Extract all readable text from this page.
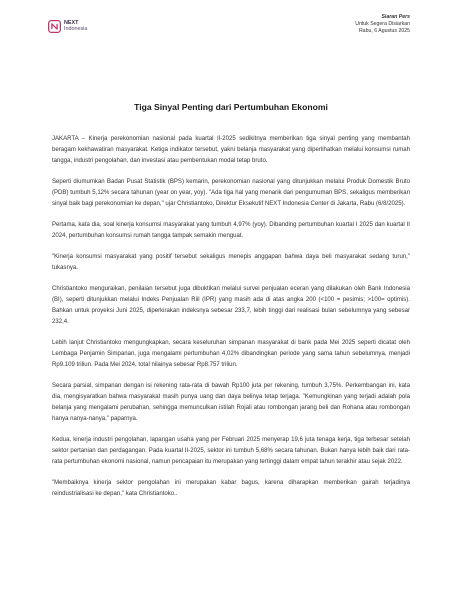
NEXT
Indonesia
Siaran Pers
Untuk Segera Disiarkan
Rabu, 6 Agustus 2025
Tiga Sinyal Penting dari Pertumbuhan Ekonomi

JAKARTA – Kinerja perekonomian nasional pada kuartal II-2025 sedikitnya memberikan tiga sinyal penting yang membantah beragam kekhawatiran masyarakat. Ketiga indikator tersebut, yakni belanja masyarakat yang diperlihatkan melalui konsumsi rumah tangga, industri pengolahan, dan investasi atau pembentukan modal tetap bruto.

Seperti diumumkan Badan Pusat Statistik (BPS) kemarin, perekonomian nasional yang ditunjukkan melalui Produk Domestik Bruto (PDB) tumbuh 5,12% secara tahunan (year on year, yoy). "Ada tiga hal yang menarik dari pengumuman BPS, sekaligus memberikan sinyal baik bagi perekonomian ke depan," ujar Christiantoko, Direktur Eksekutif NEXT Indonesia Center di Jakarta, Rabu (6/8/2025).

Pertama, kata dia, soal kinerja konsumsi masyarakat yang tumbuh 4,97% (yoy). Dibanding pertumbuhan kuartal I 2025 dan kuartal II 2024, pertumbuhan konsumsi rumah tangga tampak semakin menguat.

"Kinerja konsumsi masyarakat yang positif tersebut sekaligus menepis anggapan bahwa daya beli masyarakat sedang turun," tukasnya.

Christiantoko menguraikan, penilaian tersebut juga dibuktikan melalui survei penjualan eceran yang dilakukan oleh Bank Indonesia (BI), seperti ditunjukkan melalui Indeks Penjualan Riil (IPR) yang masih ada di atas angka 200 (<100 = pesimis; >100= optimis). Bahkan untuk proyeksi Juni 2025, diperkirakan indeksnya sebesar 233,7, lebih tinggi dari realisasi bulan sebelumnya yang sebesar 232,4.

Lebih lanjut Christiantoko mengungkapkan, secara keseluruhan simpanan masyarakat di bank pada Mei 2025 seperti dicatat oleh Lembaga Penjamin Simpanan, juga mengalami pertumbuhan 4,02% dibandingkan periode yang sama tahun sebelumnya, menjadi Rp9.109 triliun. Pada Mei 2024, total nilainya sebesar Rp8.757 triliun.

Secara parsial, simpanan dengan isi rekening rata-rata di bawah Rp100 juta per rekening, tumbuh 3,75%. Perkembangan ini, kata dia, mengisyaratkan bahwa masyarakat masih punya uang dan daya belinya tetap terjaga. "Kemungkinan yang terjadi adalah pola belanja yang mengalami perubahan, sehingga memunculkan istilah Rojali atau rombongan jarang beli dan Rohana atau rombongan hanya nanya-nanya," paparnya.

Kedua, kinerja industri pengolahan, lapangan usaha yang per Februari 2025 menyerap 19,6 juta tenaga kerja, tiga terbesar setelah sektor pertanian dan perdagangan. Pada kuartal II-2025, sektor ini tumbuh 5,68% secara tahunan. Bukan hanya lebih baik dari rata-rata pertumbuhan ekonomi nasional, namun pencapaian itu merupakan yang tertinggi dalam empat tahun terakhir atau sejak 2022.

"Membaiknya kinerja sektor pengolahan ini merupakan kabar bagus, karena diharapkan memberikan gairah terjadinya reindustrialisasi ke depan," kata Christiantoko..
